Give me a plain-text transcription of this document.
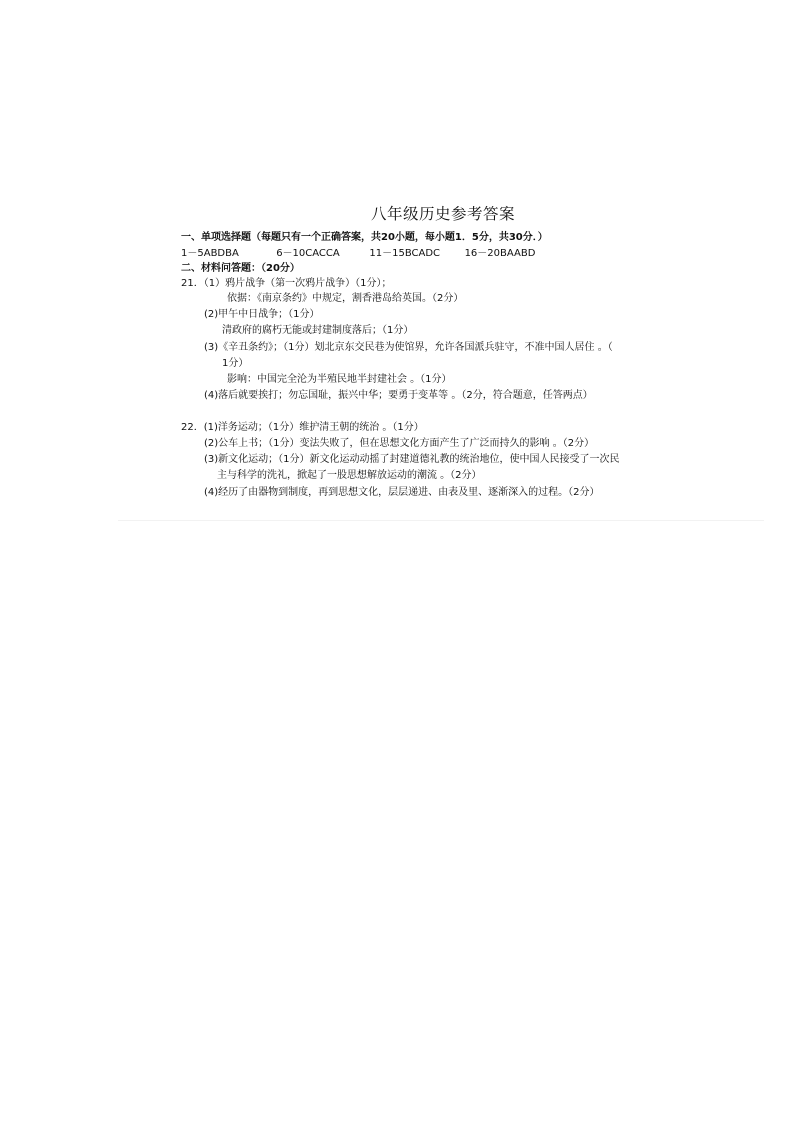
八年级历史参考答案
一、单项选择题（每题只有一个正确答案，共20小题，每小题1．5分，共30分．）
1－5ABDBA	6－10CACCA	11－15BCADC 16－20BAABD
二、材料问答题：（20分）
21．（1）鸦片战争（第一次鸦片战争）（1分）；
依据：《南京条约》中规定，割香港岛给英国。（2分）
(2)甲午中日战争；（1分）
清政府的腐朽无能或封建制度落后；（1分）
(3)《辛丑条约》；（1分）划北京东交民巷为使馆界，允许各国派兵驻守，不准中国人居住 。（
1分）
影响：中国完全沦为半殖民地半封建社会 。（1分）
(4)落后就要挨打；勿忘国耻，振兴中华；要勇于变革等 。（2分，符合题意，任答两点）
22．(1)洋务运动；（1分）维护清王朝的统治 。（1分）
(2)公车上书；（1分）变法失败了，但在思想文化方面产生了广泛而持久的影响 。（2分）
(3)新文化运动；（1分）新文化运动动摇了封建道德礼教的统治地位，使中国人民接受了一次民
主与科学的洗礼，掀起了一股思想解放运动的潮流 。（2分）
(4)经历了由器物到制度，再到思想文化，层层递进、由表及里、逐渐深入的过程。（2分）
